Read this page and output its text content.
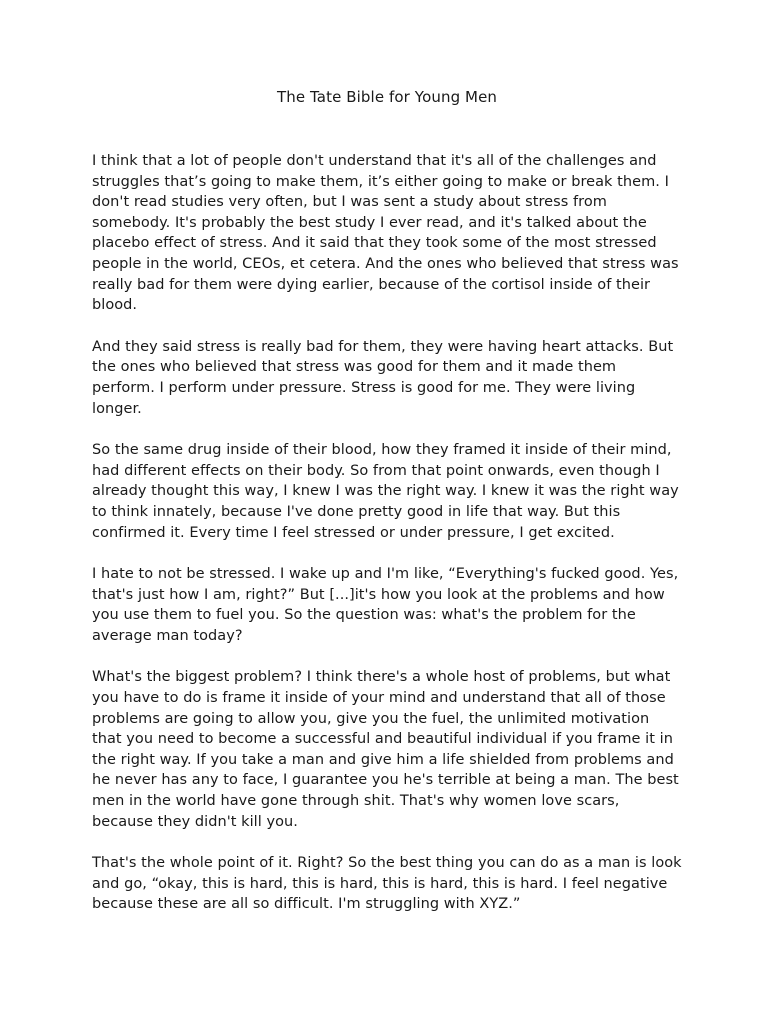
The Tate Bible for Young Men

I think that a lot of people don't understand that it's all of the challenges and struggles that’s going to make them, it’s either going to make or break them. I don't read studies very often, but I was sent a study about stress from somebody. It's probably the best study I ever read, and it's talked about the placebo effect of stress. And it said that they took some of the most stressed people in the world, CEOs, et cetera. And the ones who believed that stress was really bad for them were dying earlier, because of the cortisol inside of their blood.

And they said stress is really bad for them, they were having heart attacks. But the ones who believed that stress was good for them and it made them perform. I perform under pressure. Stress is good for me. They were living longer.

So the same drug inside of their blood, how they framed it inside of their mind, had different effects on their body. So from that point onwards, even though I already thought this way, I knew I was the right way. I knew it was the right way to think innately, because I've done pretty good in life that way. But this confirmed it. Every time I feel stressed or under pressure, I get excited.

I hate to not be stressed. I wake up and I'm like, “Everything's fucked good. Yes, that's just how I am, right?” But [...]it's how you look at the problems and how you use them to fuel you. So the question was: what's the problem for the average man today?

What's the biggest problem? I think there's a whole host of problems, but what you have to do is frame it inside of your mind and understand that all of those problems are going to allow you, give you the fuel, the unlimited motivation that you need to become a successful and beautiful individual if you frame it in the right way. If you take a man and give him a life shielded from problems and he never has any to face, I guarantee you he's terrible at being a man. The best men in the world have gone through shit. That's why women love scars, because they didn't kill you.

That's the whole point of it. Right? So the best thing you can do as a man is look and go, “okay, this is hard, this is hard, this is hard, this is hard. I feel negative because these are all so difficult. I'm struggling with XYZ.”
